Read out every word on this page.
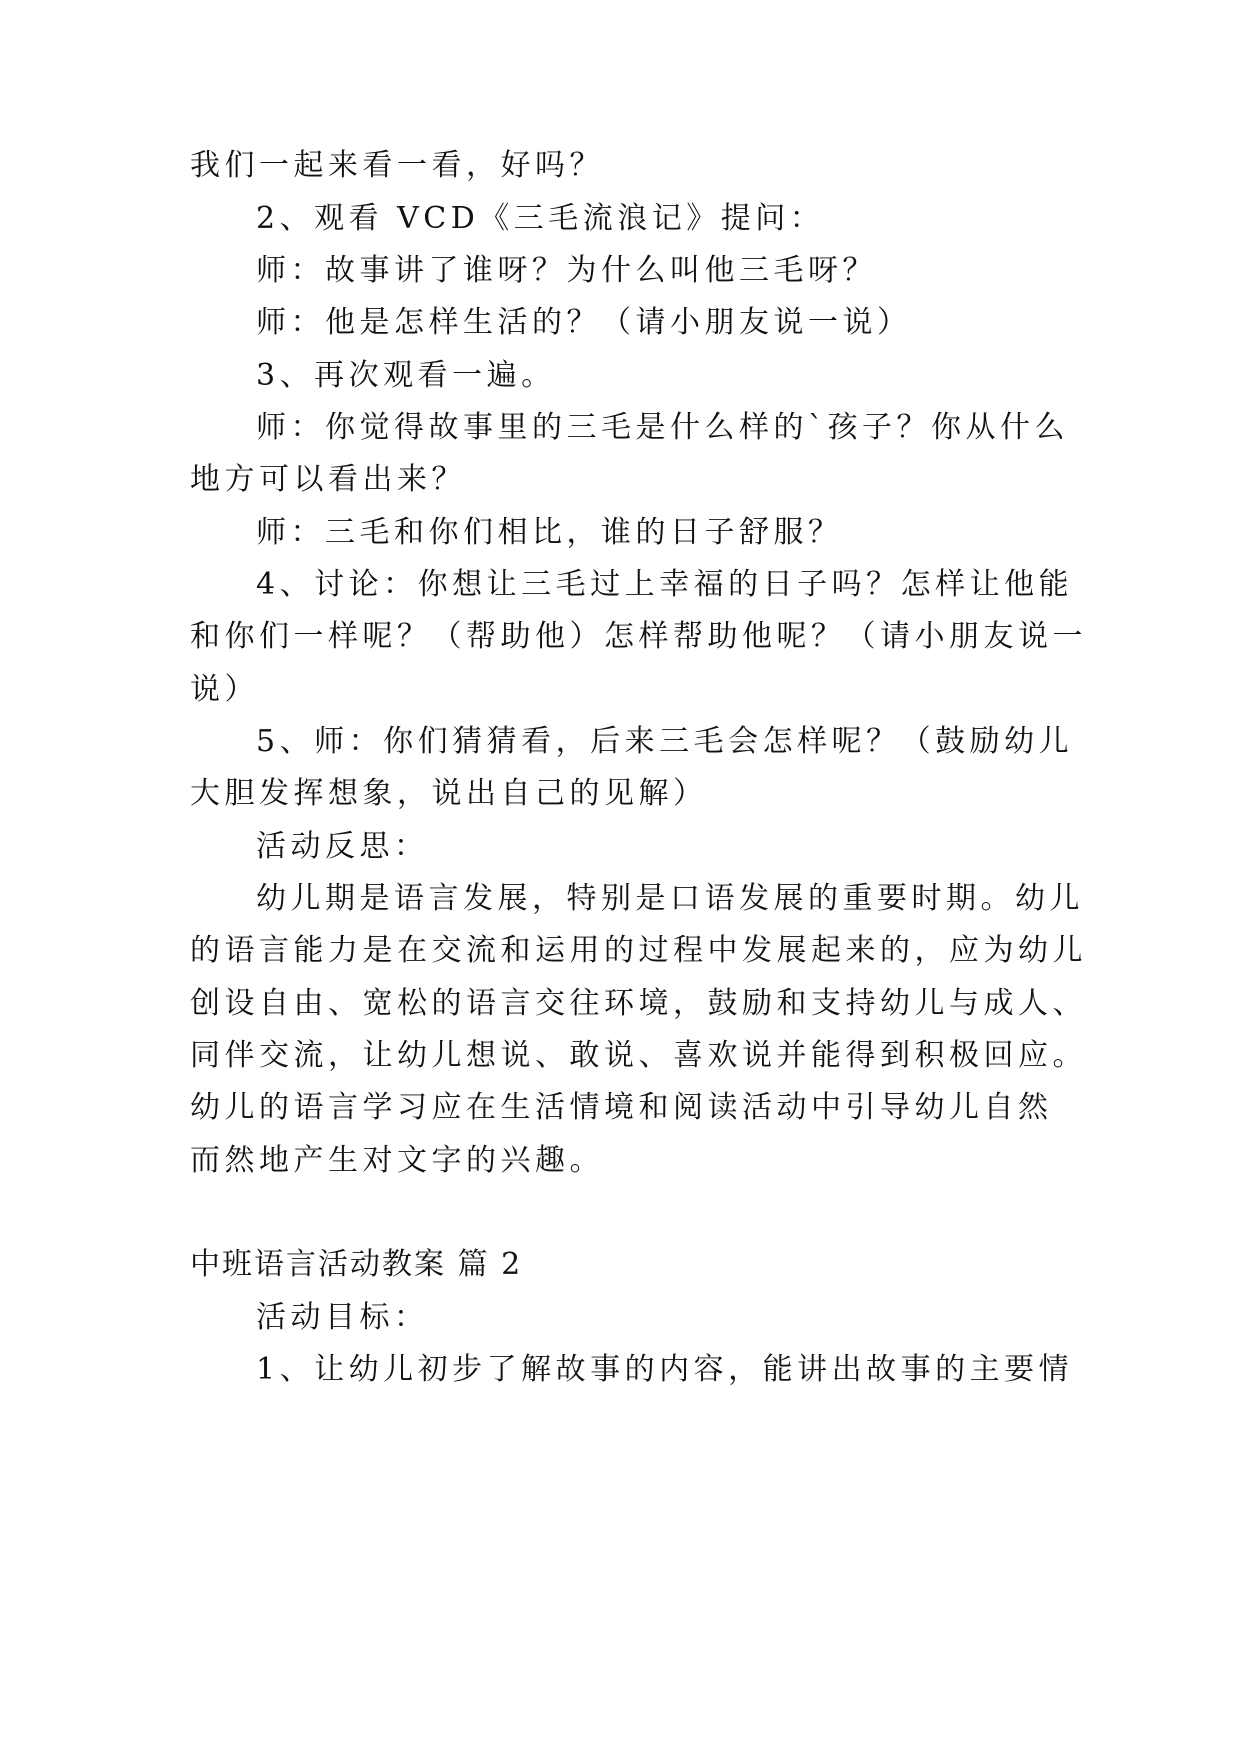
我们一起来看一看，好吗？
2、观看 VCD《三毛流浪记》提问：
师：故事讲了谁呀？为什么叫他三毛呀？
师：他是怎样生活的？（请小朋友说一说）
3、再次观看一遍。
师：你觉得故事里的三毛是什么样的`孩子？你从什么
地方可以看出来？
师：三毛和你们相比，谁的日子舒服？
4、讨论：你想让三毛过上幸福的日子吗？怎样让他能
和你们一样呢？（帮助他）怎样帮助他呢？（请小朋友说一
说）
5、师：你们猜猜看，后来三毛会怎样呢？（鼓励幼儿
大胆发挥想象，说出自己的见解）
活动反思：
幼儿期是语言发展，特别是口语发展的重要时期。幼儿
的语言能力是在交流和运用的过程中发展起来的，应为幼儿
创设自由、宽松的语言交往环境，鼓励和支持幼儿与成人、
同伴交流，让幼儿想说、敢说、喜欢说并能得到积极回应。
幼儿的语言学习应在生活情境和阅读活动中引导幼儿自然
而然地产生对文字的兴趣。
中班语言活动教案 篇 2
活动目标：
1、让幼儿初步了解故事的内容，能讲出故事的主要情
